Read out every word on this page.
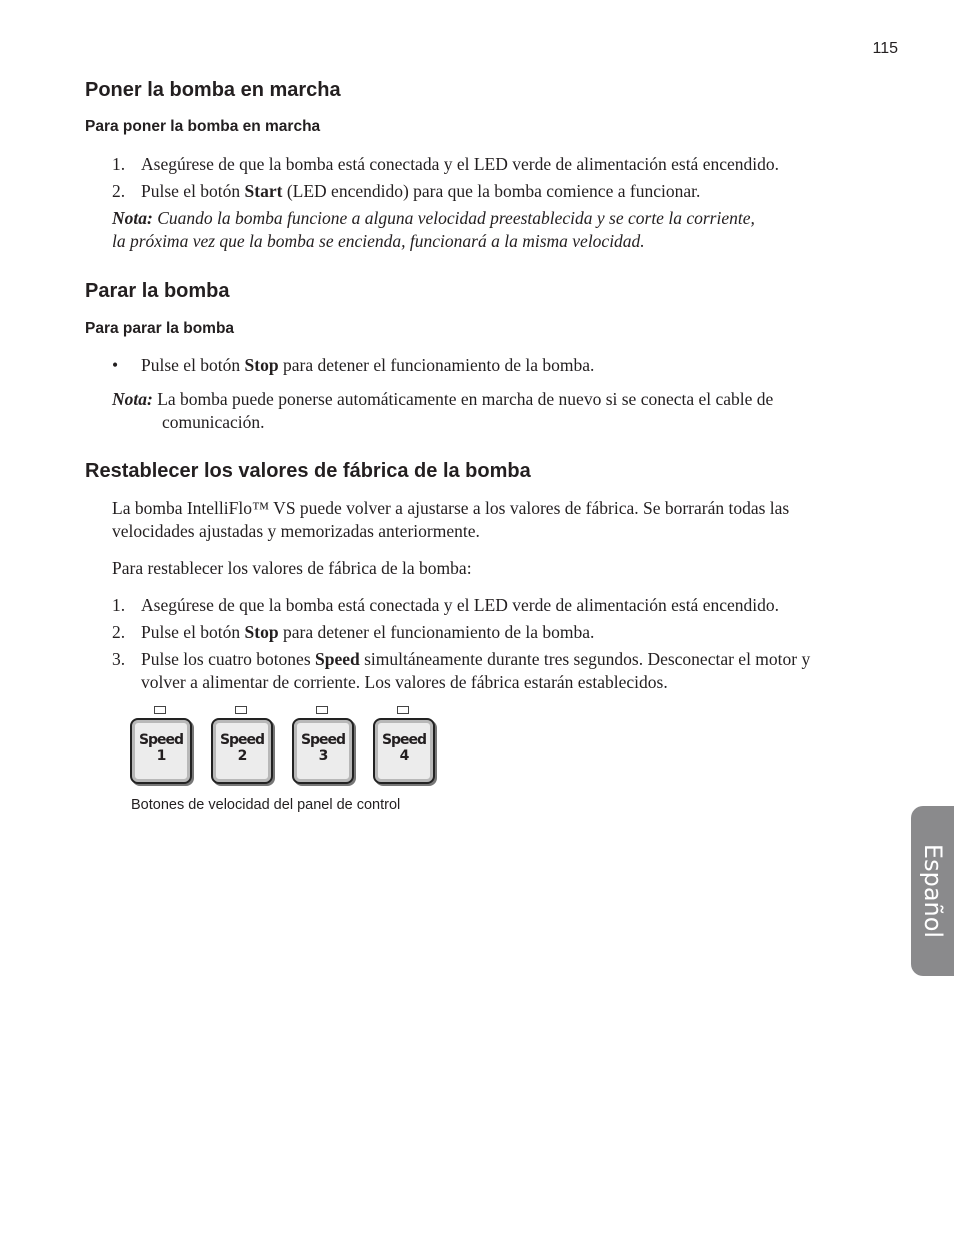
115
Poner la bomba en marcha
Para poner la bomba en marcha
1. Asegúrese de que la bomba está conectada y el LED verde de alimentación está encendido.
2. Pulse el botón Start (LED encendido) para que la bomba comience a funcionar.
Nota: Cuando la bomba funcione a alguna velocidad preestablecida y se corte la corriente,
la próxima vez que la bomba se encienda, funcionará a la misma velocidad.
Parar la bomba
Para parar la bomba
•	Pulse el botón Stop para detener el funcionamiento de la bomba.
Nota: La bomba puede ponerse automáticamente en marcha de nuevo si se conecta el cable de comunicación.
Restablecer los valores de fábrica de la bomba
La bomba IntelliFlo™ VS puede volver a ajustarse a los valores de fábrica. Se borrarán todas las velocidades ajustadas y memorizadas anteriormente.
Para restablecer los valores de fábrica de la bomba:
1. Asegúrese de que la bomba está conectada y el LED verde de alimentación está encendido.
2. Pulse el botón Stop para detener el funcionamiento de la bomba.
3. Pulse los cuatro botones Speed simultáneamente durante tres segundos. Desconectar el motor y volver a alimentar de corriente. Los valores de fábrica estarán establecidos.
Speed
1
Speed
2
Speed
3
Speed
4
Botones de velocidad del panel de control
Español
